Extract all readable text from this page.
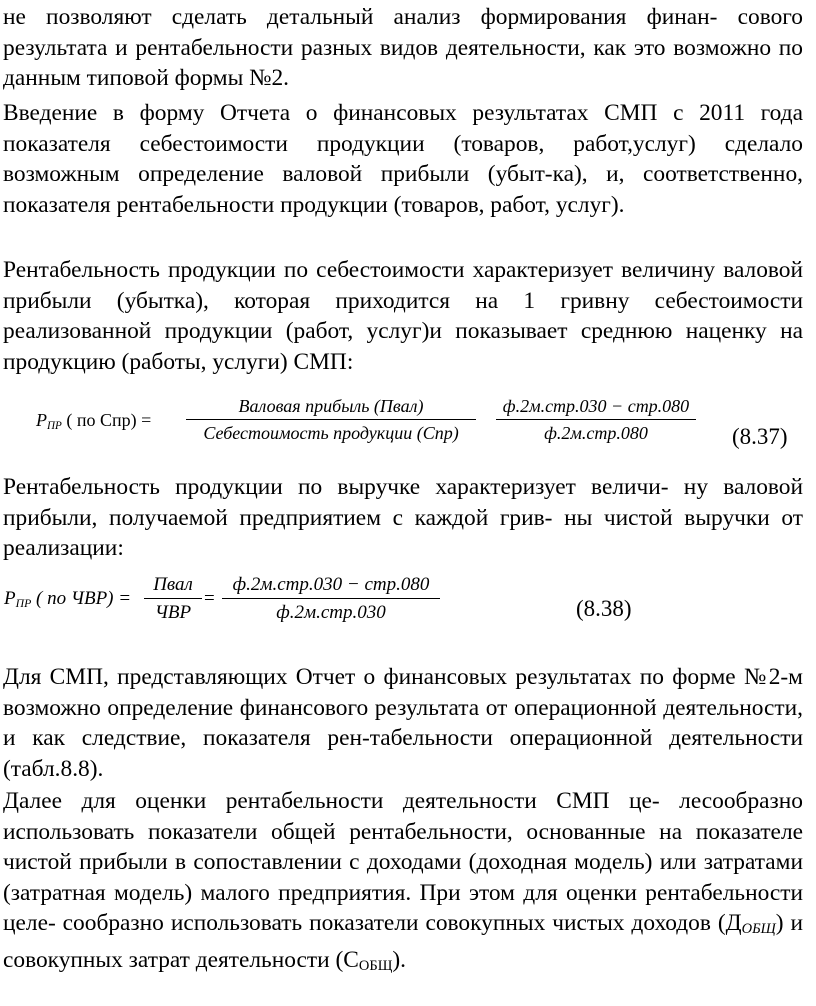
не позволяют сделать детальный анализ формирования финан- сового результата и рентабельности разных видов деятельности, как это возможно по данным типовой формы №2.
Введение в форму Отчета о финансовых результатах СМП с 2011 года показателя себестоимости продукции (товаров, работ,услуг) сделало возможным определение валовой прибыли (убыт-ка), и, соответственно, показателя рентабельности продукции (товаров, работ, услуг).
Рентабельность продукции по себестоимости характеризует величину валовой прибыли (убытка), которая приходится на 1 гривну себестоимости реализованной продукции (работ, услуг)и показывает среднюю наценку на продукцию (работы, услуги) СМП:
$P_{ПР}$ ( по Спр) =
Валовая прибыль (Пвал)
Себестоимость продукции (Спр)
ф.2м.стр.030 − стр.080
ф.2м.стр.080	(8.37)
Рентабельность продукции по выручке характеризует величи- ну валовой прибыли, получаемой предприятием с каждой грив- ны чистой выручки от реализации:
$P_{ПР}$ ( по ЧВР) =
Пвал
ЧВР
=
ф.2м.стр.030 − стр.080
ф.2м.стр.030	(8.38)
Для СМП, представляющих Отчет о финансовых результатах по форме №2-м возможно определение финансового результата от операционной деятельности, и как следствие, показателя рен-табельности операционной деятельности (табл.8.8).
Далее для оценки рентабельности деятельности СМП це- лесообразно использовать показатели общей рентабельности, основанные на показателе чистой прибыли в сопоставлении с доходами (доходная модель) или затратами (затратная модель) малого предприятия. При этом для оценки рентабельности целе- сообразно использовать показатели совокупных чистых доходов $(Д_{ОБЩ})$ и совокупных затрат деятельности $(С_{ОБЩ})$.
